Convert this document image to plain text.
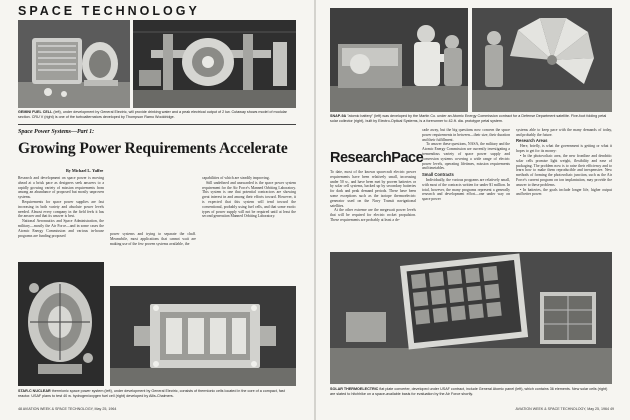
SPACE TECHNOLOGY
GEMINI FUEL CELL (left), under development by General Electric, will provide drinking water and a peak electrical output of 2 kw. Cutaway shows model of modular section. CRU V (right) is one of the turboalternators developed by Thompson Ramo Wooldridge.
Space Power Systems—Part 1:
Growing Power Requirements Accelerate
By Michael L. Yaffee

Research and development on space power is moving ahead at a brisk pace as designers seek answers to a rapidly growing variety of mission requirements from among an abundance of proposed but mostly unproven systems.

Requirements for space power supplies are fast increasing in both variety and absolute power levels needed. Almost every company in the field feels it has the answer and that its answer is best.

National Aeronautics and Space Administration, the military—mostly the Air Force—and in some cases the Atomic Energy Commission and various in-house programs are funding proposed	power systems and trying to separate the chaff. Meanwhile, most applications that cannot wait are making use of the few proven systems available, the

capabilities of which are steadily improving.

Still undefined and unawarded is the space power system requirement for the Air Force's Manned Orbiting Laboratory. This system is one that potential contractors are showing great interest in and among their efforts toward. However, it is expected that this system will tend toward the conventional, probably using fuel cells, and that some exotic types of power supply will not be required until at least the second generation Manned Orbiting Laboratory.

STAR-C NUCLEAR thermionic space power system (left), under development by General Electric, consists of thermionic cells located in the core of a compact, fast reactor. USAF plans to test 40 w. hydrogen/oxygen fuel cell (right) developed by Allis-Chalmers.
48 AVIATION WEEK & SPACE TECHNOLOGY, May 25, 1964
SNAP-9A "atomic battery" (left) was developed by the Martin Co. under an Atomic Energy Commission contract for a Defense Department satellite. Five-foot folding petal solar collector (right), built by Electro-Optical Systems, is a forerunner to 42-ft. dia. prototype petal system.
ResearchPace

To date, most of the known spacecraft electric power requirements have been relatively small, increasing under 50 w., and have been met by proven batteries or by solar cell systems, backed up by secondary batteries for dark and peak demand periods. These have been some exceptions such as the isotope thermoelectric generator used on the Navy Transit navigational satellites.

At the other extreme are the megawatt power levels that will be required for electric rocket propulsion. These requirements are probably at least a de-

cade away, but the big questions now concern the space power requirements in between—their size, their duration and their fulfillment.

To answer these questions, NASA, the military and the Atomic Energy Commission are currently investigating a tremendous variety of space power supply and conversion systems covering a wide range of electric power levels, operating lifetimes, mission requirements and timetables.

Small Contracts

Individually, the various programs are relatively small, with most of the contracts written for under $1 million. In total, however, the many programs represent a generally research and development effort—one under way on space power

systems able to keep pace with the many demands of today, and probably the future.

Research Areas

Here, briefly, is what the government is getting or what it hopes to get for its money:

• In the photovoltaic area, the new frontline and dendritic solar cells promise light weight, flexibility and ease of packaging. The problem now is to raise their efficiency and to learn how to make them reproducible and inexpensive. New methods of forming the photovoltaic junction, such as the Air Force's current program on ion implantation, may provide the answer to these problems.

• In batteries, the goals include longer life, higher output and better power.

SOLAR THERMOELECTRIC flat plate converter, developed under USAF contract, include General Atomic panel (left), which contains 36 elements. New solar cells (right) are slated to hitchhike on a space-available basis for evaluation by the Air Force shortly.
AVIATION WEEK & SPACE TECHNOLOGY, May 25, 1964 49
